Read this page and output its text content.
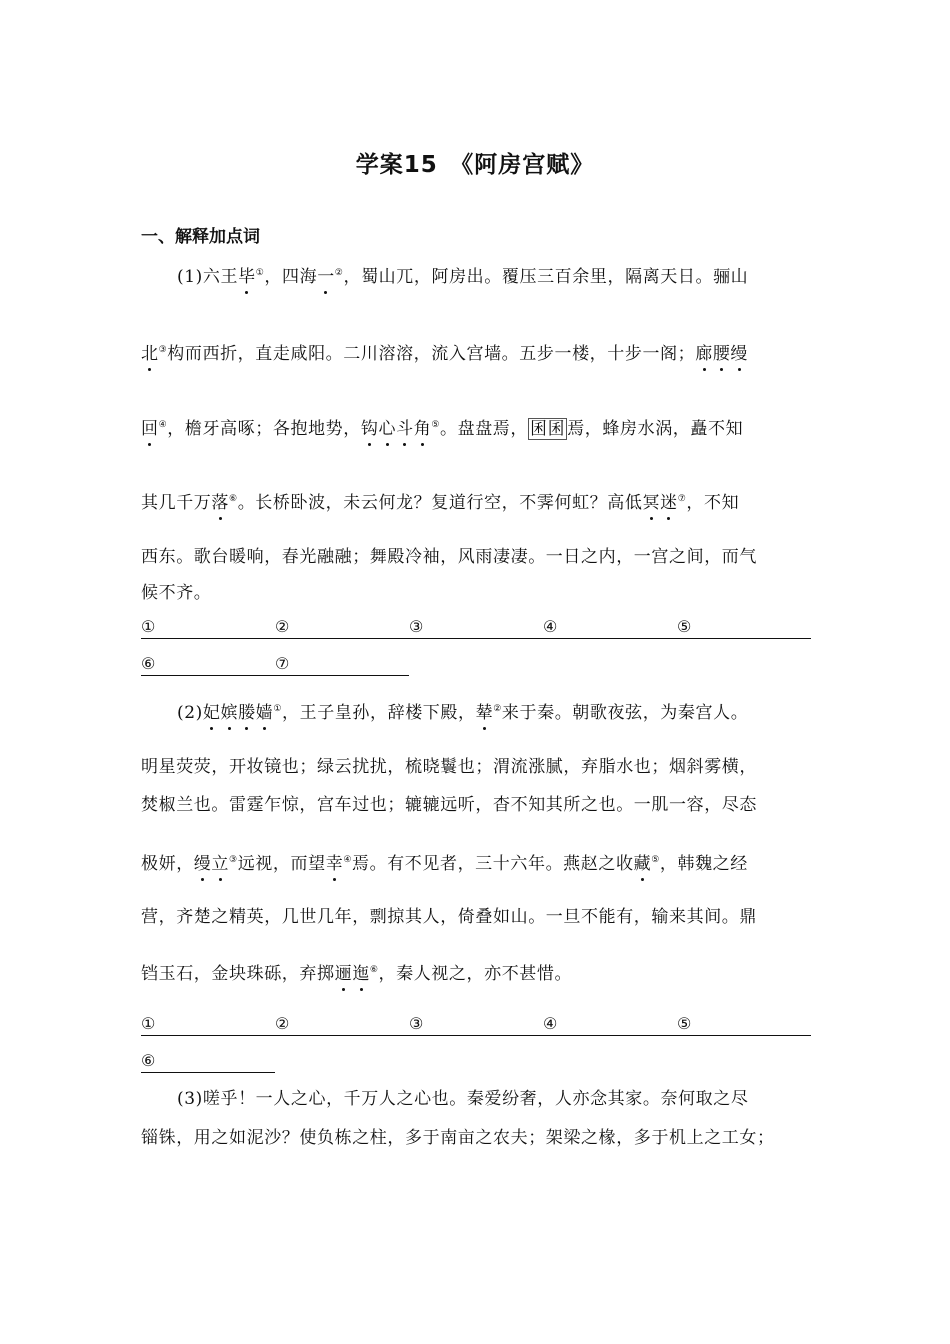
学案15　《阿房宫赋》
一、解释加点词
(1)六王毕①，四海一②，蜀山兀，阿房出。覆压三百余里，隔离天日。骊山
北③构而西折，直走咸阳。二川溶溶，流入宫墙。五步一楼，十步一阁；廊腰缦
回④，檐牙高啄；各抱地势，钩心斗角⑤。盘盘焉， 囷囷 焉，蜂房水涡，矗不知
其几千万落⑥。长桥卧波，未云何龙？复道行空，不霁何虹？高低冥迷⑦，不知
西东。歌台暖响，春光融融；舞殿冷袖，风雨凄凄。一日之内，一宫之间，而气
候不齐。
①	②	③	④	⑤
⑥	⑦
(2)妃嫔媵嫱①，王子皇孙，辞楼下殿，辇②来于秦。朝歌夜弦，为秦宫人。
明星荧荧，开妆镜也；绿云扰扰，梳晓鬟也；渭流涨腻，弃脂水也；烟斜雾横，
焚椒兰也。雷霆乍惊，宫车过也；辘辘远听，杳不知其所之也。一肌一容，尽态
极妍，缦立③远视，而望幸④焉。有不见者，三十六年。燕赵之收藏⑤，韩魏之经
营，齐楚之精英，几世几年，剽掠其人，倚叠如山。一旦不能有，输来其间。鼎
铛玉石，金块珠砾，弃掷逦迤⑥，秦人视之，亦不甚惜。
①	②	③	④	⑤
⑥
(3)嗟乎！一人之心，千万人之心也。秦爱纷奢，人亦念其家。奈何取之尽
锱铢，用之如泥沙？使负栋之柱，多于南亩之农夫；架梁之椽，多于机上之工女；
